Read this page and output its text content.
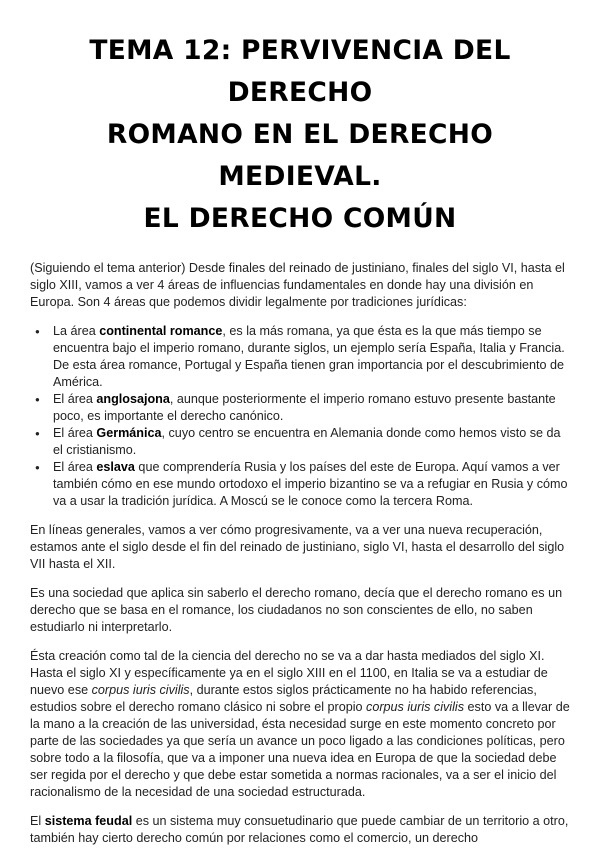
TEMA 12: PERVIVENCIA DEL DERECHO
ROMANO EN EL DERECHO MEDIEVAL.
EL DERECHO COMÚN

(Siguiendo el tema anterior) Desde finales del reinado de justiniano, finales del siglo VI, hasta el siglo XIII, vamos a ver 4 áreas de influencias fundamentales en donde hay una división en Europa. Son 4 áreas que podemos dividir legalmente por tradiciones jurídicas:

● La área continental romance, es la más romana, ya que ésta es la que más tiempo se encuentra bajo el imperio romano, durante siglos, un ejemplo sería España, Italia y Francia. De esta área romance, Portugal y España tienen gran importancia por el descubrimiento de América.
● El área anglosajona, aunque posteriormente el imperio romano estuvo presente bastante poco, es importante el derecho canónico.
● El área Germánica, cuyo centro se encuentra en Alemania donde como hemos visto se da el cristianismo.
● El área eslava que comprendería Rusia y los países del este de Europa. Aquí vamos a ver también cómo en ese mundo ortodoxo el imperio bizantino se va a refugiar en Rusia y cómo va a usar la tradición jurídica. A Moscú se le conoce como la tercera Roma.

En líneas generales, vamos a ver cómo progresivamente, va a ver una nueva recuperación, estamos ante el siglo desde el fin del reinado de justiniano, siglo VI, hasta el desarrollo del siglo VII hasta el XII.

Es una sociedad que aplica sin saberlo el derecho romano, decía que el derecho romano es un derecho que se basa en el romance, los ciudadanos no son conscientes de ello, no saben estudiarlo ni interpretarlo.

Ésta creación como tal de la ciencia del derecho no se va a dar hasta mediados del siglo XI. Hasta el siglo XI y específicamente ya en el siglo XIII en el 1100, en Italia se va a estudiar de nuevo ese corpus iuris civilis, durante estos siglos prácticamente no ha habido referencias, estudios sobre el derecho romano clásico ni sobre el propio corpus iuris civilis esto va a llevar de la mano a la creación de las universidad, ésta necesidad surge en este momento concreto por parte de las sociedades ya que sería un avance un poco ligado a las condiciones políticas, pero sobre todo a la filosofía, que va a imponer una nueva idea en Europa de que la sociedad debe ser regida por el derecho y que debe estar sometida a normas racionales, va a ser el inicio del racionalismo de la necesidad de una sociedad estructurada.

El sistema feudal es un sistema muy consuetudinario que puede cambiar de un territorio a otro, también hay cierto derecho común por relaciones como el comercio, un derecho
